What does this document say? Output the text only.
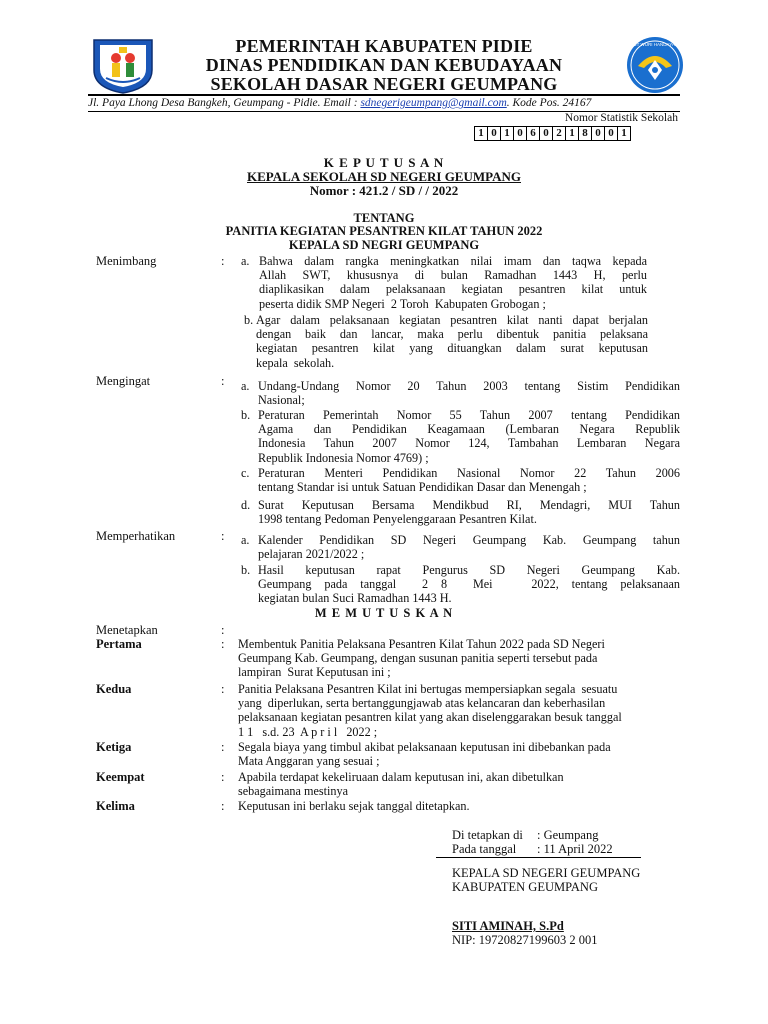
TUT WURI HANDAYANI
PEMERINTAH KABUPATEN PIDIE
DINAS PENDIDIKAN DAN KEBUDAYAAN
SEKOLAH DASAR NEGERI GEUMPANG
Jl. Paya Lhong Desa Bangkeh, Geumpang - Pidie. Email : sdnegerigeumpang@gmail.com. Kode Pos. 24167
Nomor Statistik Sekolah
1 0 1 0 6 0 2 1 8 0 0 1
K E P U T U S A N
KEPALA SEKOLAH SD NEGERI GEUMPANG
Nomor : 421.2 / SD / / 2022
TENTANG
PANITIA KEGIATAN PESANTREN KILAT TAHUN 2022
KEPALA SD NEGRI GEUMPANG
Menimbang	: a. Bahwa dalam rangka meningkatkan nilai imam dan taqwa kepada
Allah SWT, khususnya di bulan Ramadhan 1443 H, perlu
diaplikasikan dalam pelaksanaan kegiatan pesantren kilat untuk
peserta didik SMP Negeri  2 Toroh  Kabupaten Grobogan ;
b. Agar dalam pelaksanaan kegiatan pesantren kilat nanti dapat berjalan
dengan baik dan lancar, maka perlu dibentuk panitia pelaksana
kegiatan pesantren kilat yang dituangkan dalam surat keputusan
kepala  sekolah.
Mengingat	: a. Undang-Undang Nomor 20 Tahun 2003 tentang Sistim Pendidikan
Nasional;
b. Peraturan Pemerintah Nomor 55 Tahun 2007 tentang Pendidikan
Agama dan Pendidikan Keagamaan (Lembaran Negara Republik
Indonesia Tahun 2007 Nomor 124, Tambahan Lembaran Negara
Republik Indonesia Nomor 4769) ;
c. Peraturan Menteri Pendidikan Nasional Nomor 22 Tahun 2006
tentang Standar isi untuk Satuan Pendidikan Dasar dan Menengah ;
d. Surat Keputusan Bersama Mendikbud RI, Mendagri, MUI Tahun
1998 tentang Pedoman Penyelenggaraan Pesantren Kilat.
Memperhatikan	: a. Kalender Pendidikan SD Negeri Geumpang Kab. Geumpang tahun
pelajaran 2021/2022 ;
b. Hasil keputusan rapat Pengurus SD Negeri Geumpang Kab.
Geumpang pada tanggal  2 8  Mei   2022, tentang pelaksanaan
kegiatan bulan Suci Ramadhan 1443 H.
M E M U T U S K A N
Menetapkan	:
Pertama	: Membentuk Panitia Pelaksana Pesantren Kilat Tahun 2022 pada SD Negeri
Geumpang Kab. Geumpang, dengan susunan panitia seperti tersebut pada
lampiran  Surat Keputusan ini ;
Kedua	: Panitia Pelaksana Pesantren Kilat ini bertugas mempersiapkan segala  sesuatu
yang  diperlukan, serta bertanggungjawab atas kelancaran dan keberhasilan
pelaksanaan kegiatan pesantren kilat yang akan diselenggarakan besuk tanggal
1 1   s.d. 23  A p r i l   2022 ;
Ketiga	: Segala biaya yang timbul akibat pelaksanaan keputusan ini dibebankan pada
Mata Anggaran yang sesuai ;
Keempat	: Apabila terdapat kekeliruaan dalam keputusan ini, akan dibetulkan
sebagaimana mestinya
Kelima	: Keputusan ini berlaku sejak tanggal ditetapkan.
Di tetapkan di : Geumpang
Pada tanggal : 11 April 2022
KEPALA SD NEGERI GEUMPANG
KABUPATEN GEUMPANG
SITI AMINAH, S.Pd
NIP: 19720827199603 2 001
